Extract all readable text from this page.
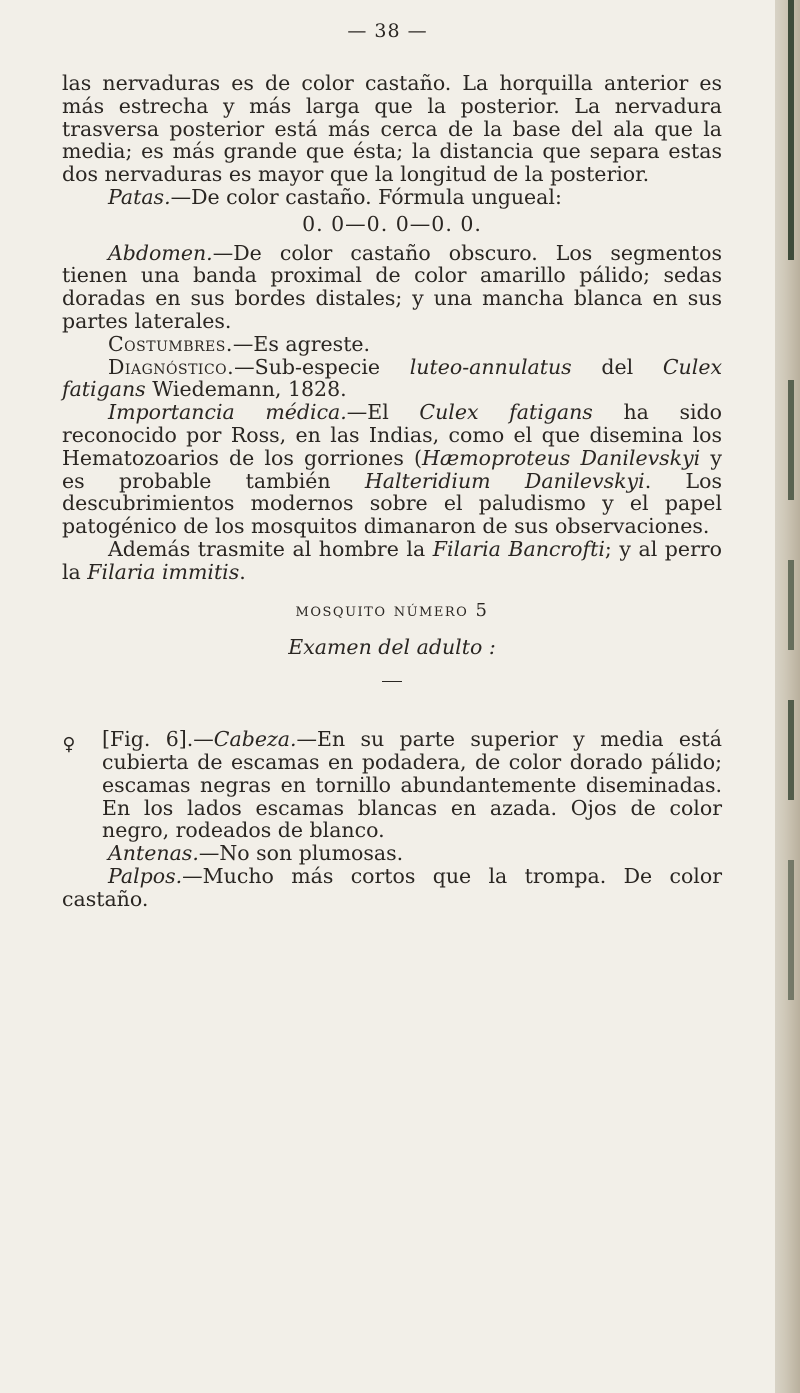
— 38 —

las nervaduras es de color castaño. La horquilla anterior es más estrecha y más larga que la posterior. La nervadura trasversa posterior está más cerca de la base del ala que la media; es más grande que ésta; la distancia que separa estas dos nervaduras es mayor que la longitud de la posterior.

Patas.—De color castaño. Fórmula ungueal:

0. 0—0. 0—0. 0.

Abdomen.—De color castaño obscuro. Los segmentos tienen una banda proximal de color amarillo pálido; sedas doradas en sus bordes distales; y una mancha blanca en sus partes laterales.

Costumbres.—Es agreste.

Diagnóstico.—Sub-especie luteo-annulatus del Culex fatigans Wiedemann, 1828.

Importancia médica.—El Culex fatigans ha sido reconocido por Ross, en las Indias, como el que disemina los Hematozoarios de los gorriones (Hæmoproteus Danilevskyi y es probable también Halteridium Danilevskyi. Los descubrimientos modernos sobre el paludismo y el papel patogénico de los mosquitos dimanaron de sus observaciones.

Además trasmite al hombre la Filaria Bancrofti; y al perro la Filaria immitis.

mosquito número 5

Examen del adulto :

♀	[Fig. 6].—Cabeza.—En su parte superior y media está cubierta de escamas en podadera, de color dorado pálido; escamas negras en tornillo abundantemente diseminadas. En los lados escamas blancas en azada. Ojos de color negro, rodeados de blanco.

Antenas.—No son plumosas.

Palpos.—Mucho más cortos que la trompa. De color castaño.
